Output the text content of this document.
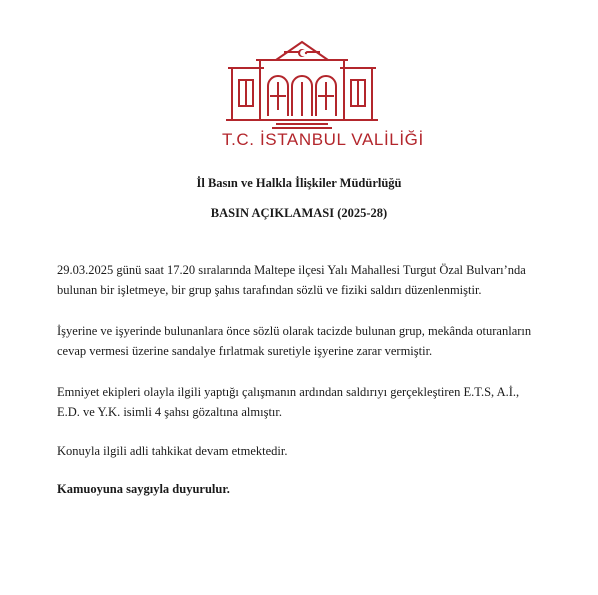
T.C. İSTANBUL VALİLİĞİ
İl Basın ve Halkla İlişkiler Müdürlüğü
BASIN AÇIKLAMASI (2025-28)

29.03.2025 günü saat 17.20 sıralarında Maltepe ilçesi Yalı Mahallesi Turgut Özal Bulvarı’nda
bulunan bir işletmeye, bir grup şahıs tarafından sözlü ve fiziki saldırı düzenlenmiştir.

İşyerine ve işyerinde bulunanlara önce sözlü olarak tacizde bulunan grup, mekânda oturanların
cevap vermesi üzerine sandalye fırlatmak suretiyle işyerine zarar vermiştir.

Emniyet ekipleri olayla ilgili yaptığı çalışmanın ardından saldırıyı gerçekleştiren E.T.S, A.İ.,
E.D. ve Y.K. isimli 4 şahsı gözaltına almıştır.

Konuyla ilgili adli tahkikat devam etmektedir.

Kamuoyuna saygıyla duyurulur.
